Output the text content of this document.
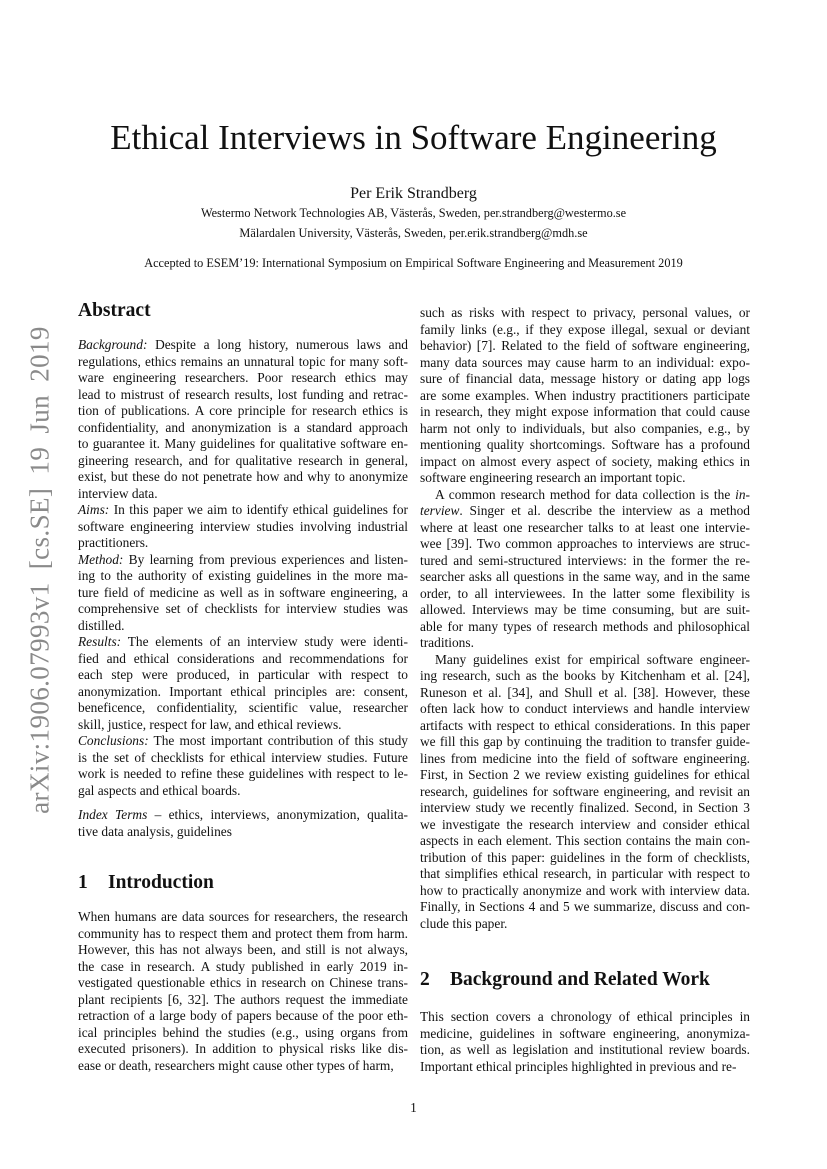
Ethical Interviews in Software Engineering
Per Erik Strandberg
Westermo Network Technologies AB, Västerås, Sweden, per.strandberg@westermo.se
Mälardalen University, Västerås, Sweden, per.erik.strandberg@mdh.se
Accepted to ESEM’19: International Symposium on Empirical Software Engineering and Measurement 2019
arXiv:1906.07993v1 [cs.SE] 19 Jun 2019
Abstract
Background: Despite a long history, numerous laws and
regulations, ethics remains an unnatural topic for many soft-
ware engineering researchers. Poor research ethics may
lead to mistrust of research results, lost funding and retrac-
tion of publications. A core principle for research ethics is
confidentiality, and anonymization is a standard approach
to guarantee it. Many guidelines for qualitative software en-
gineering research, and for qualitative research in general,
exist, but these do not penetrate how and why to anonymize
interview data.
Aims: In this paper we aim to identify ethical guidelines for
software engineering interview studies involving industrial
practitioners.
Method: By learning from previous experiences and listen-
ing to the authority of existing guidelines in the more ma-
ture field of medicine as well as in software engineering, a
comprehensive set of checklists for interview studies was
distilled.
Results: The elements of an interview study were identi-
fied and ethical considerations and recommendations for
each step were produced, in particular with respect to
anonymization. Important ethical principles are: consent,
beneficence, confidentiality, scientific value, researcher
skill, justice, respect for law, and ethical reviews.
Conclusions: The most important contribution of this study
is the set of checklists for ethical interview studies. Future
work is needed to refine these guidelines with respect to le-
gal aspects and ethical boards.
Index Terms – ethics, interviews, anonymization, qualita-
tive data analysis, guidelines
1 Introduction
When humans are data sources for researchers, the research
community has to respect them and protect them from harm.
However, this has not always been, and still is not always,
the case in research. A study published in early 2019 in-
vestigated questionable ethics in research on Chinese trans-
plant recipients [6, 32]. The authors request the immediate
retraction of a large body of papers because of the poor eth-
ical principles behind the studies (e.g., using organs from
executed prisoners). In addition to physical risks like dis-
ease or death, researchers might cause other types of harm,
such as risks with respect to privacy, personal values, or
family links (e.g., if they expose illegal, sexual or deviant
behavior) [7]. Related to the field of software engineering,
many data sources may cause harm to an individual: expo-
sure of financial data, message history or dating app logs
are some examples. When industry practitioners participate
in research, they might expose information that could cause
harm not only to individuals, but also companies, e.g., by
mentioning quality shortcomings. Software has a profound
impact on almost every aspect of society, making ethics in
software engineering research an important topic.
A common research method for data collection is the in-
terview. Singer et al. describe the interview as a method
where at least one researcher talks to at least one intervie-
wee [39]. Two common approaches to interviews are struc-
tured and semi-structured interviews: in the former the re-
searcher asks all questions in the same way, and in the same
order, to all interviewees. In the latter some flexibility is
allowed. Interviews may be time consuming, but are suit-
able for many types of research methods and philosophical
traditions.
Many guidelines exist for empirical software engineer-
ing research, such as the books by Kitchenham et al. [24],
Runeson et al. [34], and Shull et al. [38]. However, these
often lack how to conduct interviews and handle interview
artifacts with respect to ethical considerations. In this paper
we fill this gap by continuing the tradition to transfer guide-
lines from medicine into the field of software engineering.
First, in Section 2 we review existing guidelines for ethical
research, guidelines for software engineering, and revisit an
interview study we recently finalized. Second, in Section 3
we investigate the research interview and consider ethical
aspects in each element. This section contains the main con-
tribution of this paper: guidelines in the form of checklists,
that simplifies ethical research, in particular with respect to
how to practically anonymize and work with interview data.
Finally, in Sections 4 and 5 we summarize, discuss and con-
clude this paper.
2 Background and Related Work
This section covers a chronology of ethical principles in
medicine, guidelines in software engineering, anonymiza-
tion, as well as legislation and institutional review boards.
Important ethical principles highlighted in previous and re-
1
